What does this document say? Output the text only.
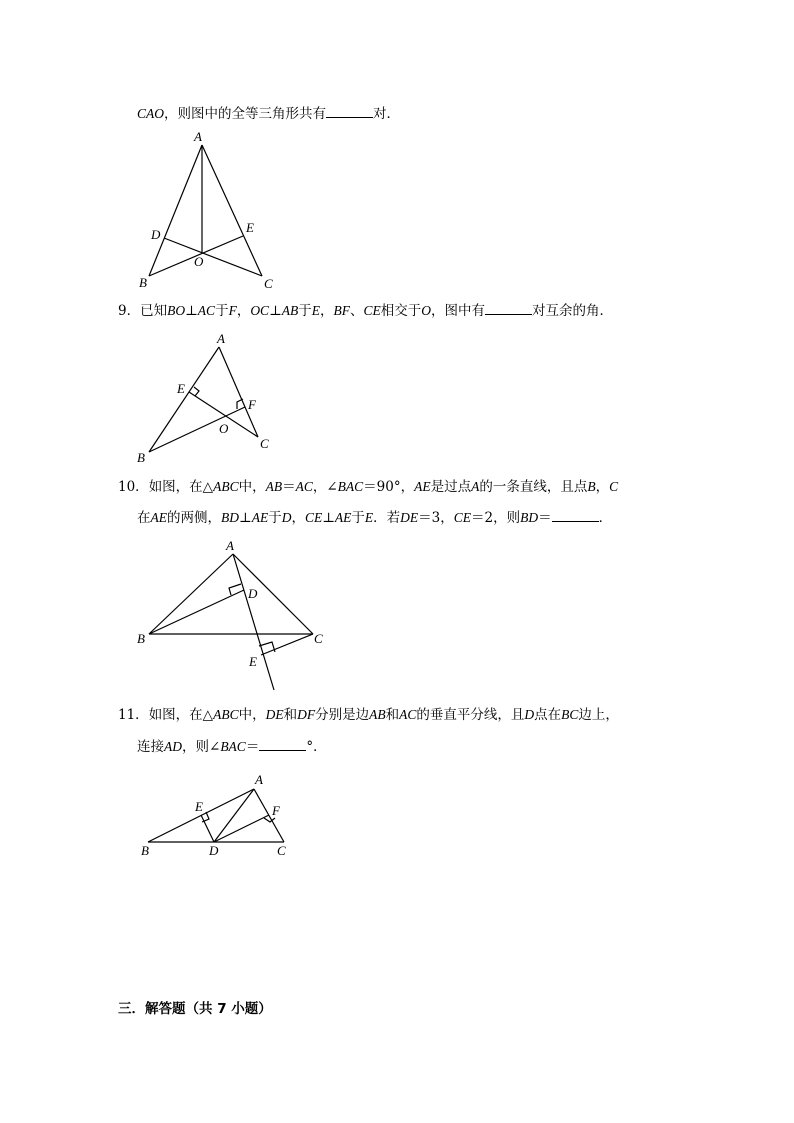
CAO，则图中的全等三角形共有	对．
A
D	E
O
B	C
9．已知BO⊥AC于F，OC⊥AB于E，BF、CE相交于O，图中有	对互余的角．
A
E
F
O
C
B
10．如图，在△ABC中，AB＝AC，∠BAC＝90°，AE是过点A的一条直线，且点B，C
在AE的两侧，BD⊥AE于D，CE⊥AE于E．若DE＝3，CE＝2，则BD＝	．
A
D
B	C
E
11．如图，在△ABC中，DE和DF分别是边AB和AC的垂直平分线，且D点在BC边上，
连接AD，则∠BAC＝	°．
A
E	F
B	D	C
三．解答题（共 7 小题）
